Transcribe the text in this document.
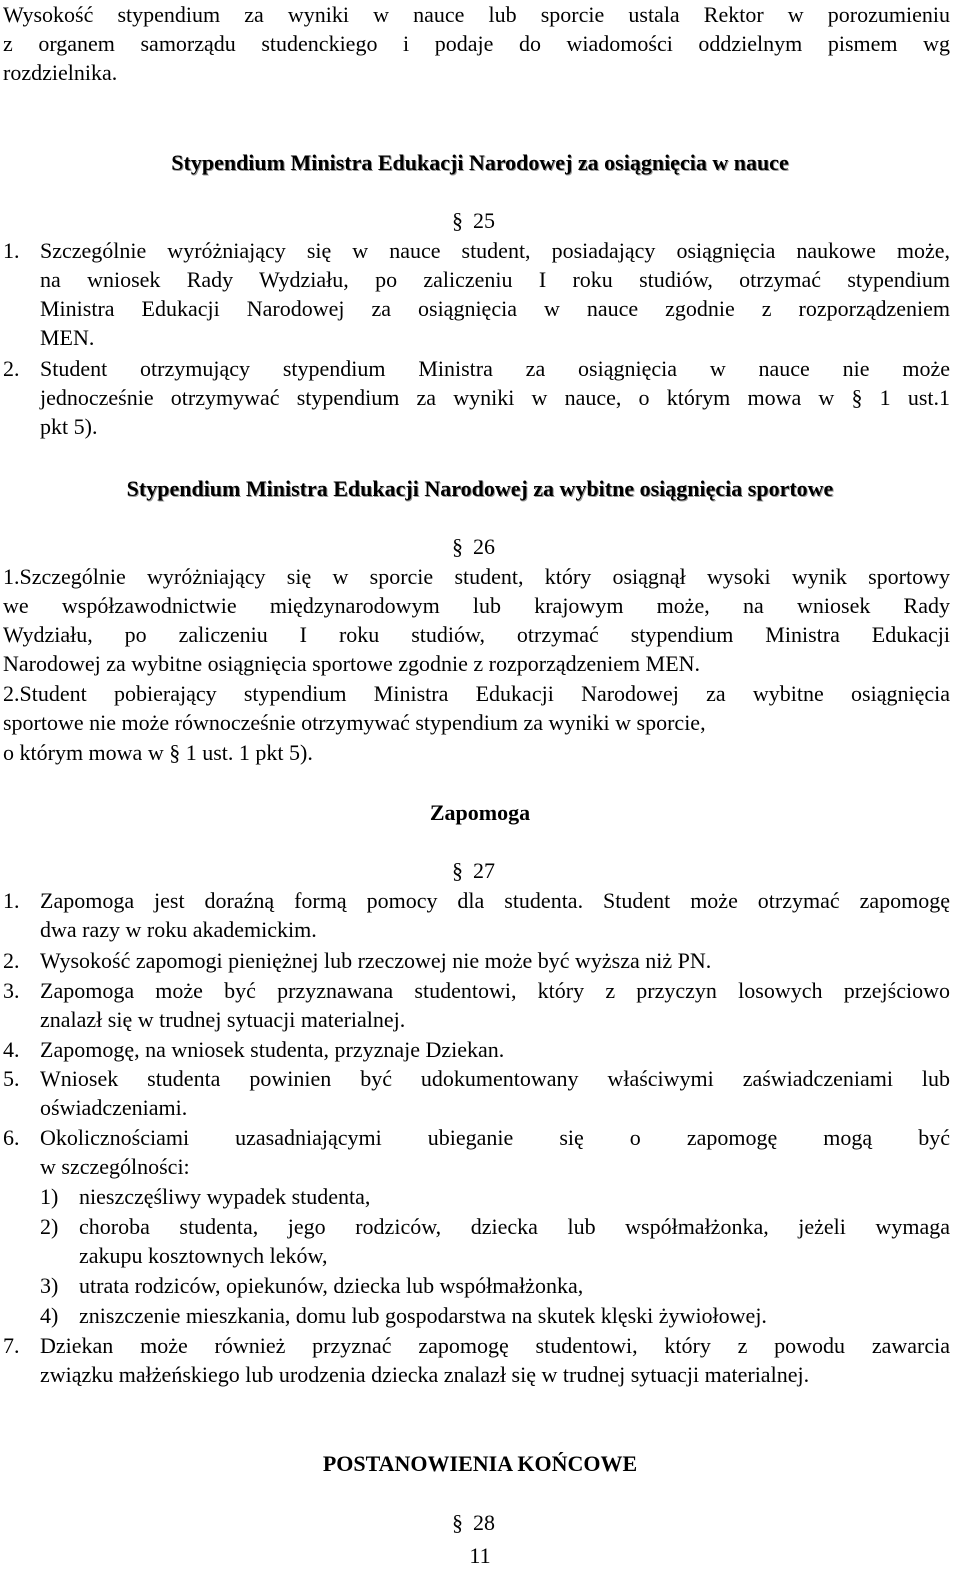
Wysokość stypendium za wyniki w nauce lub sporcie ustala Rektor w porozumieniu
z organem samorządu studenckiego i podaje do wiadomości oddzielnym pismem wg
rozdzielnika.
Stypendium Ministra Edukacji Narodowej za osiągnięcia w nauce
§ 25
1. Szczególnie wyróżniający się w nauce student, posiadający osiągnięcia naukowe może,
na wniosek Rady Wydziału, po zaliczeniu I roku studiów, otrzymać stypendium
Ministra Edukacji Narodowej za osiągnięcia w nauce zgodnie z rozporządzeniem
MEN.
2. Student otrzymujący stypendium Ministra za osiągnięcia w nauce nie może
jednocześnie otrzymywać stypendium za wyniki w nauce, o którym mowa w § 1 ust.1
pkt 5).
Stypendium Ministra Edukacji Narodowej za wybitne osiągnięcia sportowe
§ 26
1.Szczególnie wyróżniający się w sporcie student, który osiągnął wysoki wynik sportowy
we współzawodnictwie międzynarodowym lub krajowym może, na wniosek Rady
Wydziału, po zaliczeniu I roku studiów, otrzymać stypendium Ministra Edukacji
Narodowej za wybitne osiągnięcia sportowe zgodnie z rozporządzeniem MEN.
2.Student pobierający stypendium Ministra Edukacji Narodowej za wybitne osiągnięcia
sportowe nie może równocześnie otrzymywać stypendium za wyniki w sporcie,
o którym mowa w § 1 ust. 1 pkt 5).
Zapomoga
§ 27
1. Zapomoga jest doraźną formą pomocy dla studenta. Student może otrzymać zapomogę
dwa razy w roku akademickim.
2. Wysokość zapomogi pieniężnej lub rzeczowej nie może być wyższa niż PN.
3. Zapomoga może być przyznawana studentowi, który z przyczyn losowych przejściowo
znalazł się w trudnej sytuacji materialnej.
4. Zapomogę, na wniosek studenta, przyznaje Dziekan.
5. Wniosek studenta powinien być udokumentowany właściwymi zaświadczeniami lub
oświadczeniami.
6. Okolicznościami uzasadniającymi ubieganie się o zapomogę mogą być
w szczególności:
1) nieszczęśliwy wypadek studenta,
2) choroba studenta, jego rodziców, dziecka lub współmałżonka, jeżeli wymaga
zakupu kosztownych leków,
3) utrata rodziców, opiekunów, dziecka lub współmałżonka,
4) zniszczenie mieszkania, domu lub gospodarstwa na skutek klęski żywiołowej.
7. Dziekan może również przyznać zapomogę studentowi, który z powodu zawarcia
związku małżeńskiego lub urodzenia dziecka znalazł się w trudnej sytuacji materialnej.
POSTANOWIENIA KOŃCOWE
§ 28
11
